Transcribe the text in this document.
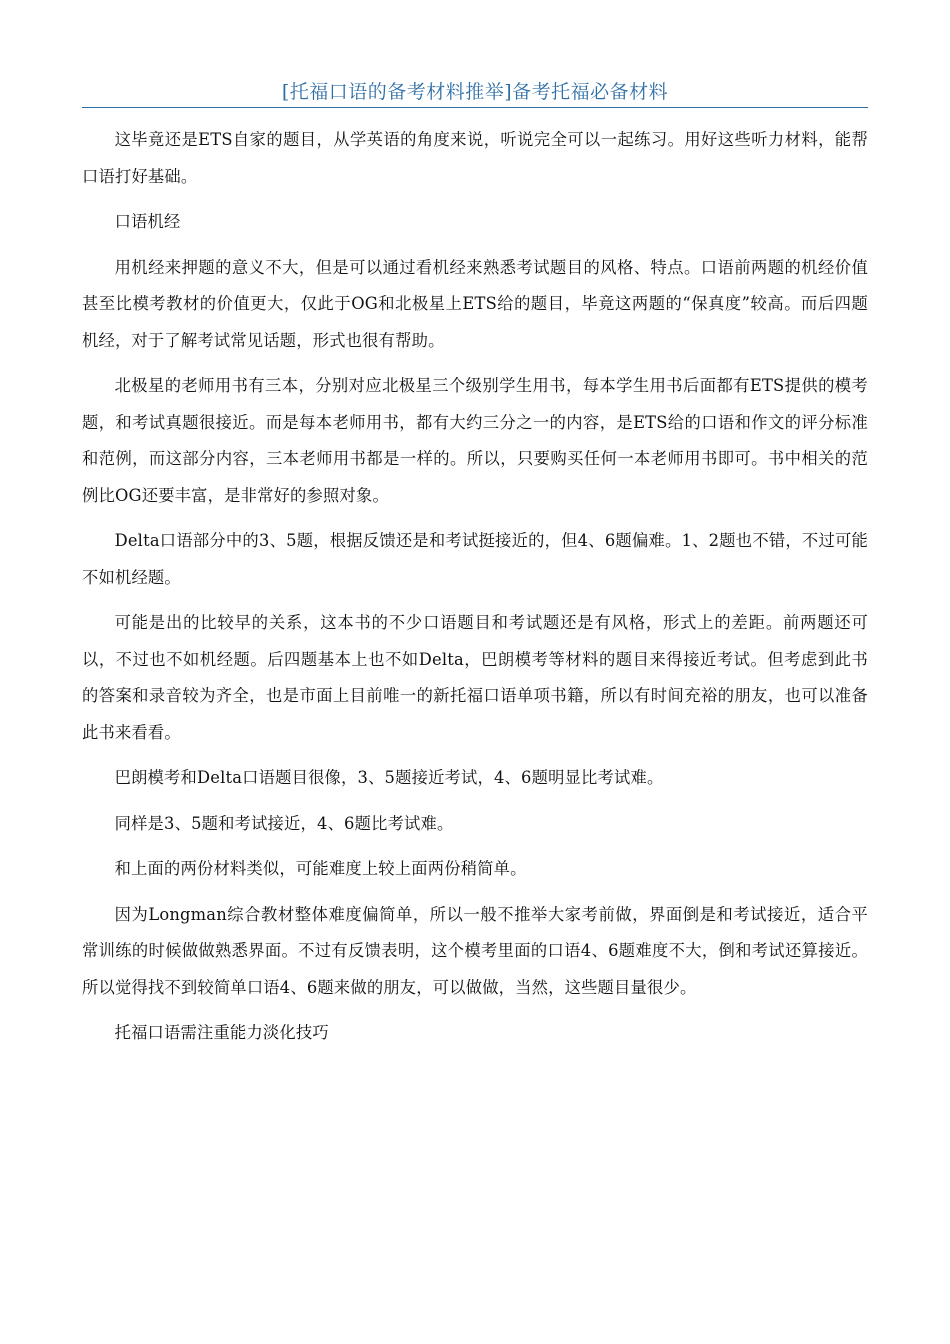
[托福口语的备考材料推举]备考托福必备材料

这毕竟还是ETS自家的题目，从学英语的角度来说，听说完全可以一起练习。用好这些听力材料，能帮口语打好基础。

口语机经

用机经来押题的意义不大，但是可以通过看机经来熟悉考试题目的风格、特点。口语前两题的机经价值甚至比模考教材的价值更大，仅此于OG和北极星上ETS给的题目，毕竟这两题的“保真度”较高。而后四题机经，对于了解考试常见话题，形式也很有帮助。

北极星的老师用书有三本，分别对应北极星三个级别学生用书，每本学生用书后面都有ETS提供的模考题，和考试真题很接近。而是每本老师用书，都有大约三分之一的内容，是ETS给的口语和作文的评分标准和范例，而这部分内容，三本老师用书都是一样的。所以，只要购买任何一本老师用书即可。书中相关的范例比OG还要丰富，是非常好的参照对象。

Delta口语部分中的3、5题，根据反馈还是和考试挺接近的，但4、6题偏难。1、2题也不错，不过可能不如机经题。

可能是出的比较早的关系，这本书的不少口语题目和考试题还是有风格，形式上的差距。前两题还可以，不过也不如机经题。后四题基本上也不如Delta，巴朗模考等材料的题目来得接近考试。但考虑到此书的答案和录音较为齐全，也是市面上目前唯一的新托福口语单项书籍，所以有时间充裕的朋友，也可以准备此书来看看。

巴朗模考和Delta口语题目很像，3、5题接近考试，4、6题明显比考试难。

同样是3、5题和考试接近，4、6题比考试难。

和上面的两份材料类似，可能难度上较上面两份稍简单。

因为Longman综合教材整体难度偏简单，所以一般不推举大家考前做，界面倒是和考试接近，适合平常训练的时候做做熟悉界面。不过有反馈表明，这个模考里面的口语4、6题难度不大，倒和考试还算接近。所以觉得找不到较简单口语4、6题来做的朋友，可以做做，当然，这些题目量很少。

托福口语需注重能力淡化技巧
